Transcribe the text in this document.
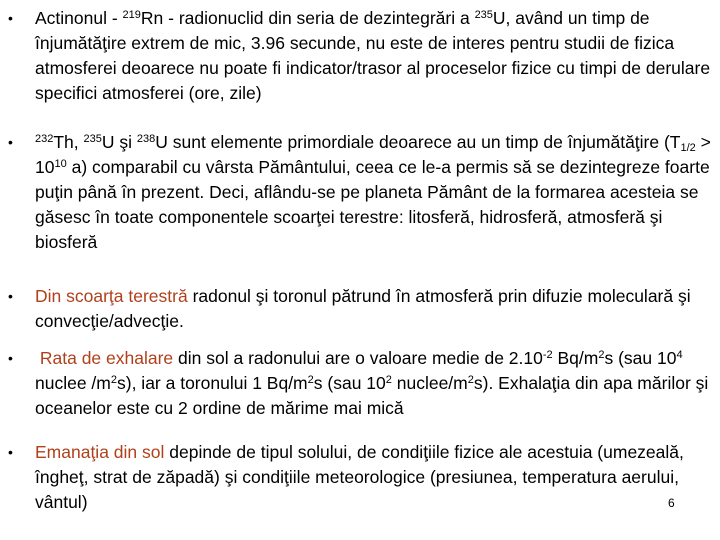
•	Actinonul - $^{219}$Rn - radionuclid din seria de dezintegrări a $^{235}$U, având un timp de înjumătăţire extrem de mic, 3.96 secunde, nu este de interes pentru studii de fizica atmosferei deoarece nu poate fi indicator/trasor al proceselor fizice cu timpi de derulare specifici atmosferei (ore, zile)
•	$^{232}$Th, $^{235}$U şi $^{238}$U sunt elemente primordiale deoarece au un timp de înjumătăţire ($T_{1/2} > 10^{10}$ a) comparabil cu vârsta Pământului, ceea ce le-a permis să se dezintegreze foarte puţin până în prezent. Deci, aflându-se pe planeta Pământ de la formarea acesteia se găsesc în toate componentele scoarţei terestre: litosferă, hidrosferă, atmosferă şi biosferă
•	Din scoarţa terestră radonul şi toronul pătrund în atmosferă prin difuzie moleculară şi convecţie/advecţie.
•	Rata de exhalare din sol a radonului are o valoare medie de $2.10^{-2}$ $Bq/m^2s$ (sau $10^4$ nuclee $/m^2s$), iar a toronului 1 $Bq/m^2s$ (sau $10^2$ nuclee/$m^2s$). Exhalaţia din apa mărilor şi oceanelor este cu 2 ordine de mărime mai mică
•	Emanaţia din sol depinde de tipul solului, de condiţiile fizice ale acestuia (umezeală, îngheţ, strat de zăpadă) şi condiţiile meteorologice (presiunea, temperatura aerului, vântul)	6
